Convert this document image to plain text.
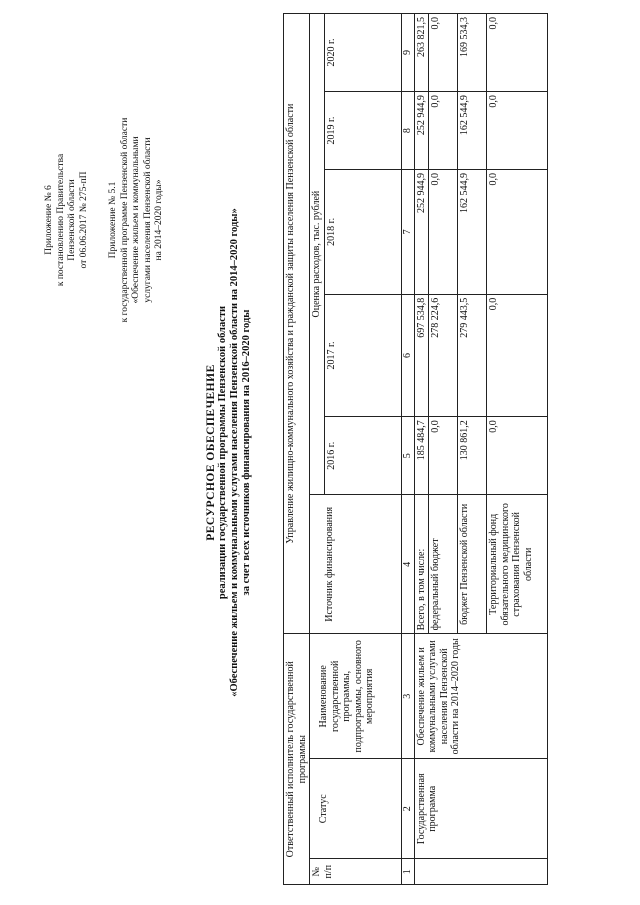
Приложение № 6 к постановлению Правительства Пензенской области от 06.06.2017 № 275-пП Приложение № 5.1 к государственной программе Пензенской области «Обеспечение жильем и коммунальными услугами населения Пензенской области на 2014–2020 годы»
РЕСУРСНОЕ ОБЕСПЕЧЕНИЕ реализации государственной программы Пензенской области «Обеспечение жильем и коммунальными услугами населения Пензенской области на 2014–2020 годы» за счет всех источников финансирования на 2016–2020 годы
Ответственный исполнитель государственной программы			Управление жилищно-коммунального хозяйства и гражданской защиты населения Пензенской области					
№ п/п	Статус	Наименование государственной программы, подпрограммы, основного мероприятия	Источник финансирования	Оценка расходов, тыс. рублей				
				2016 г.	2017 г.	2018 г.	2019 г.	2020 г.
1	2	3	4	5	6	7	8	9
	Государственная программа	Обеспечение жильем и коммунальными услугами населения Пензенской области на 2014–2020 годы	Всего, в том числе:	185 484,7	697 534,8	252 944,9	252 944,9	263 821,5
			федеральный бюджет	0,0	278 224,6	0,0	0,0	0,0
			бюджет Пензенской области	130 861,2	279 443,5	162 544,9	162 544,9	169 534,3
			Территориальный фонд обязательного медицинского страхования Пензенской области	0,0	0,0	0,0	0,0	0,0
